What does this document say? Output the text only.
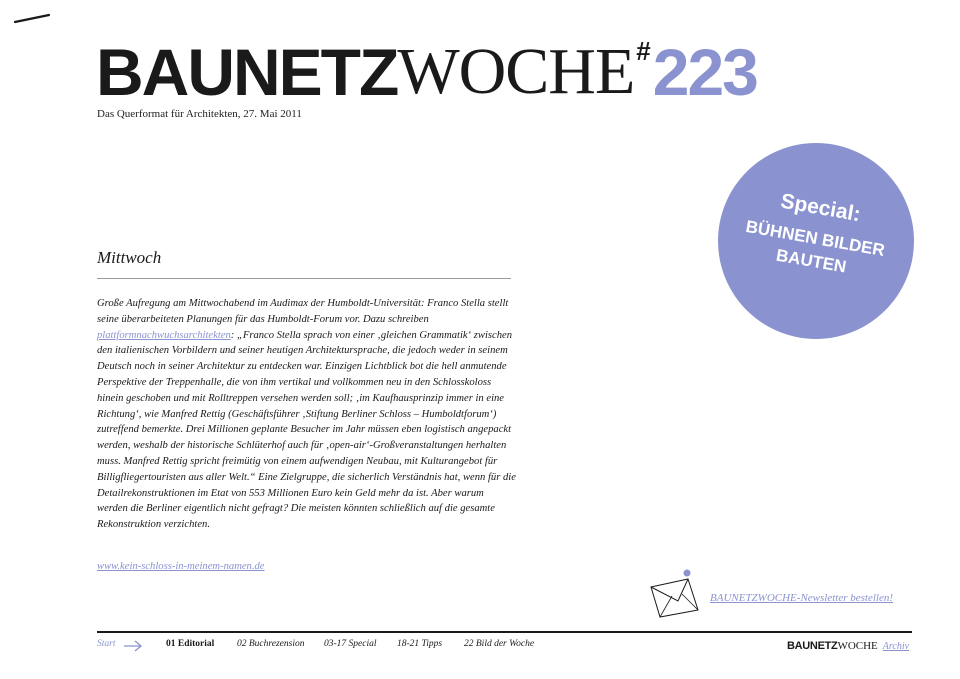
BAUNETZWOCHE#223
Das Querformat für Architekten, 27. Mai 2011
Special:
BÜHNEN BILDER BAUTEN
Mittwoch

Große Aufregung am Mittwochabend im Audimax der Humboldt-Universität: Franco Stella stellt seine überarbeiteten Planungen für das Humboldt-Forum vor. Dazu schreiben plattformnachwuchsarchitekten: „Franco Stella sprach von einer ‚gleichen Grammatik‘ zwischen den italienischen Vorbildern und seiner heutigen Architektursprache, die jedoch weder in seinem Deutsch noch in seiner Architektur zu entdecken war. Einzigen Lichtblick bot die hell anmutende Perspektive der Treppenhalle, die von ihm vertikal und vollkommen neu in den Schlosskoloss hinein geschoben und mit Rolltreppen versehen werden soll; ‚im Kaufhausprinzip immer in eine Richtung‘, wie Manfred Rettig (Geschäftsführer ‚Stiftung Berliner Schloss – Humboldtforum‘) zutreffend bemerkte. Drei Millionen geplante Besucher im Jahr müssen eben logistisch angepackt werden, weshalb der historische Schlüterhof auch für ‚open-air‘-Großveranstaltungen herhalten muss. Manfred Rettig spricht freimütig von einem aufwendigen Neubau, mit Kulturangebot für Billigfliegertouristen aus aller Welt.“ Eine Zielgruppe, die sicherlich Verständnis hat, wenn für die Detailrekonstruktionen im Etat von 553 Millionen Euro kein Geld mehr da ist. Aber warum werden die Berliner eigentlich nicht gefragt? Die meisten könnten schließlich auf die gesamte Rekonstruktion verzichten.

www.kein-schloss-in-meinem-namen.de
BAUNETZWOCHE-Newsletter bestellen!
Start	01 Editorial 02 Buchrezension 03-17 Special 18-21 Tipps 22 Bild der Woche	BAUNETZWOCHE Archiv
